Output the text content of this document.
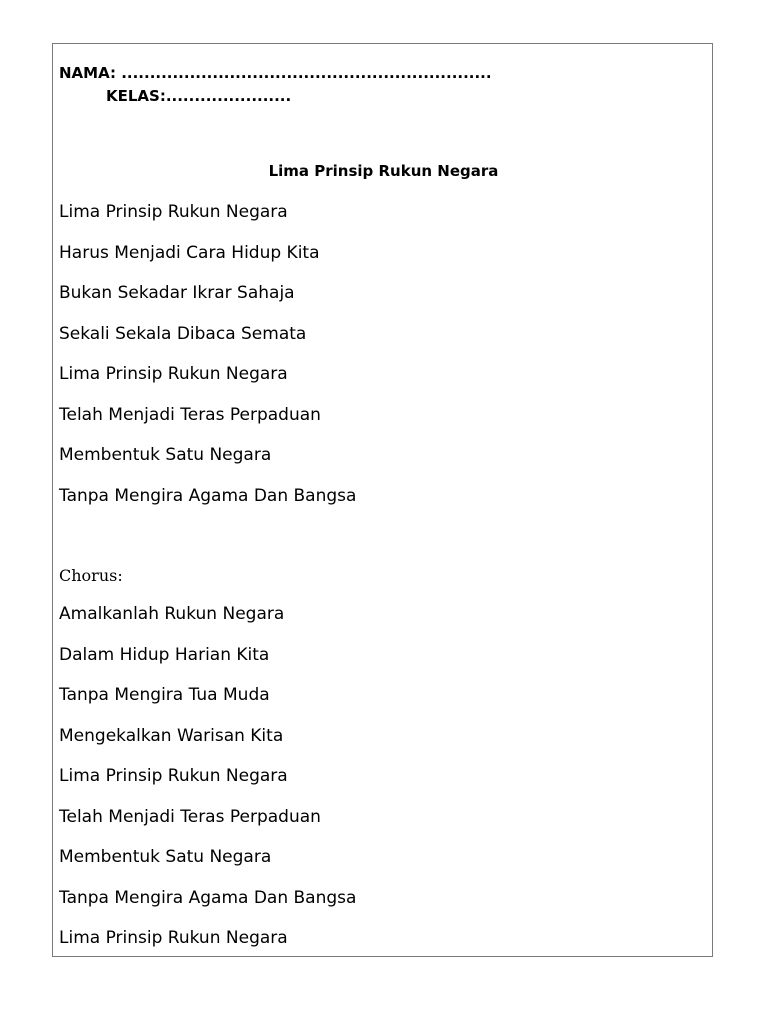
NAMA: .................................................................
KELAS:......................
Lima Prinsip Rukun Negara
Lima Prinsip Rukun Negara
Harus Menjadi Cara Hidup Kita
Bukan Sekadar Ikrar Sahaja
Sekali Sekala Dibaca Semata
Lima Prinsip Rukun Negara
Telah Menjadi Teras Perpaduan
Membentuk Satu Negara
Tanpa Mengira Agama Dan Bangsa
Chorus:
Amalkanlah Rukun Negara
Dalam Hidup Harian Kita
Tanpa Mengira Tua Muda
Mengekalkan Warisan Kita
Lima Prinsip Rukun Negara
Telah Menjadi Teras Perpaduan
Membentuk Satu Negara
Tanpa Mengira Agama Dan Bangsa
Lima Prinsip Rukun Negara
